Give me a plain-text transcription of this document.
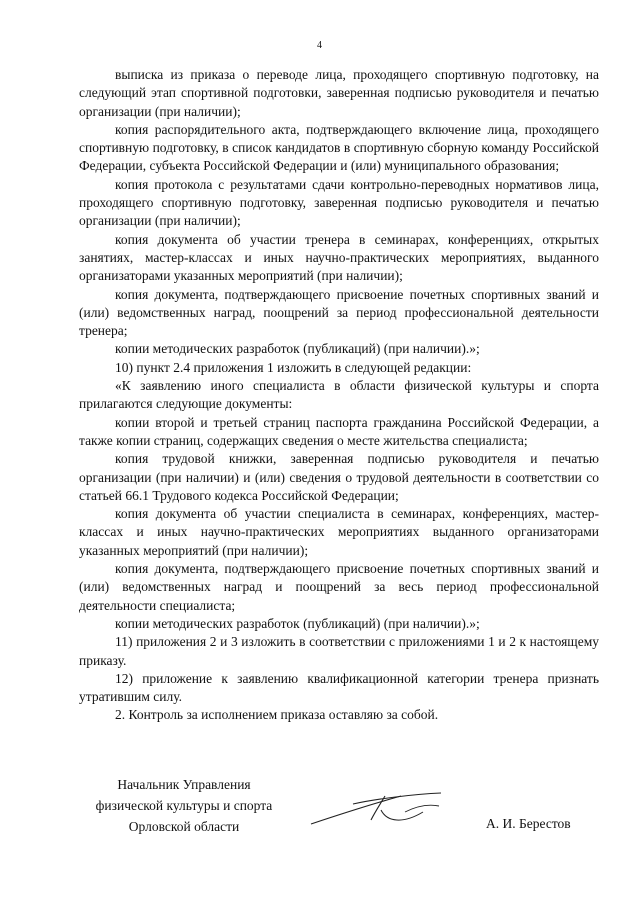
4

выписка из приказа о переводе лица, проходящего спортивную подготовку, на следующий этап спортивной подготовки, заверенная подписью руководителя и печатью организации (при наличии);

копия распорядительного акта, подтверждающего включение лица, проходящего спортивную подготовку, в список кандидатов в спортивную сборную команду Российской Федерации, субъекта Российской Федерации и (или) муниципального образования;

копия протокола с результатами сдачи контрольно-переводных нормативов лица, проходящего спортивную подготовку, заверенная подписью руководителя и печатью организации (при наличии);

копия документа об участии тренера в семинарах, конференциях, открытых занятиях, мастер-классах и иных научно-практических мероприятиях, выданного организаторами указанных мероприятий (при наличии);

копия документа, подтверждающего присвоение почетных спортивных званий и (или) ведомственных наград, поощрений за период профессиональной деятельности тренера;

копии методических разработок (публикаций) (при наличии).»;

10) пункт 2.4 приложения 1 изложить в следующей редакции:

«К заявлению иного специалиста в области физической культуры и спорта прилагаются следующие документы:

копии второй и третьей страниц паспорта гражданина Российской Федерации, а также копии страниц, содержащих сведения о месте жительства специалиста;

копия трудовой книжки, заверенная подписью руководителя и печатью организации (при наличии) и (или) сведения о трудовой деятельности в соответствии со статьей 66.1 Трудового кодекса Российской Федерации;

копия документа об участии специалиста в семинарах, конференциях, мастер-классах и иных научно-практических мероприятиях выданного организаторами указанных мероприятий (при наличии);

копия документа, подтверждающего присвоение почетных спортивных званий и (или) ведомственных наград и поощрений за весь период профессиональной деятельности специалиста;

копии методических разработок (публикаций) (при наличии).»;

11) приложения 2 и 3 изложить в соответствии с приложениями 1 и 2 к настоящему приказу.

12) приложение к заявлению квалификационной категории тренера признать утратившим силу.

2. Контроль за исполнением приказа оставляю за собой.

Начальник Управления
физической культуры и спорта
Орловской области	А. И. Берестов
